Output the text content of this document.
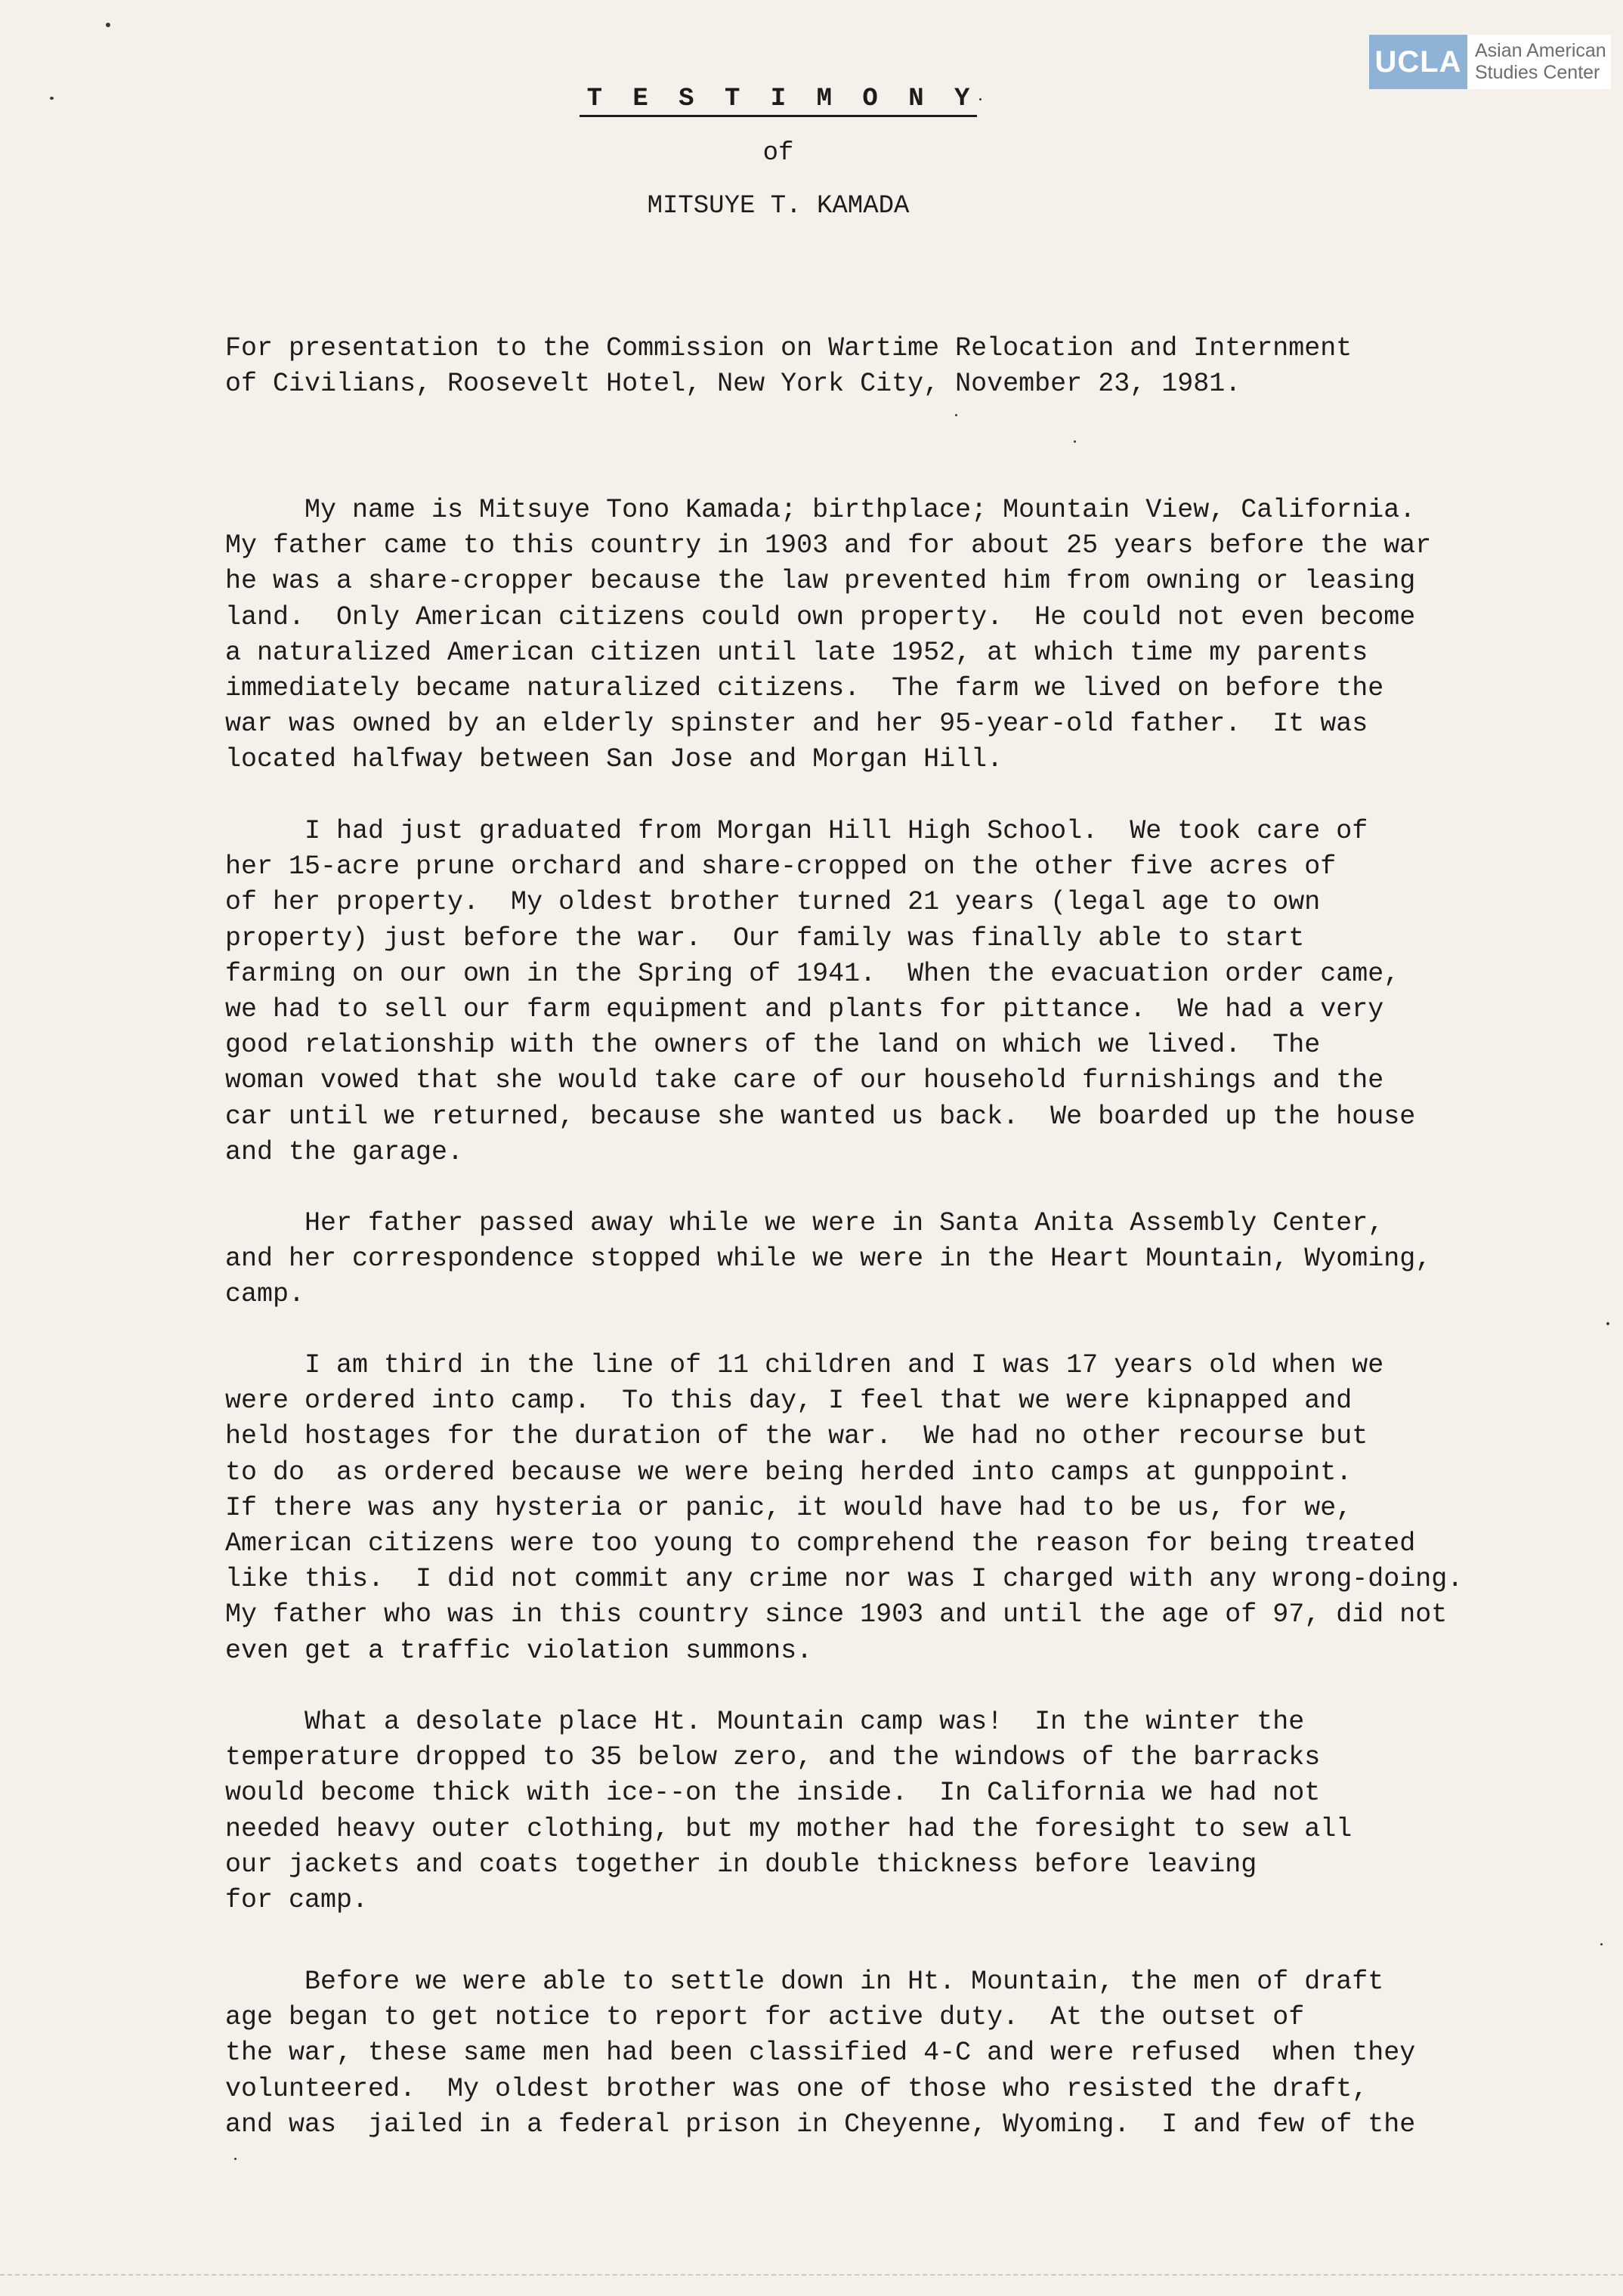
UCLA Asian American
Studies Center
T E S T I M O N Y
of
MITSUYE T. KAMADA

For presentation to the Commission on Wartime Relocation and Internment
of Civilians, Roosevelt Hotel, New York City, November 23, 1981.

My name is Mitsuye Tono Kamada; birthplace; Mountain View, California.
My father came to this country in 1903 and for about 25 years before the war
he was a share-cropper because the law prevented him from owning or leasing
land.  Only American citizens could own property.  He could not even become
a naturalized American citizen until late 1952, at which time my parents
immediately became naturalized citizens.  The farm we lived on before the
war was owned by an elderly spinster and her 95-year-old father.  It was
located halfway between San Jose and Morgan Hill.

I had just graduated from Morgan Hill High School.  We took care of
her 15-acre prune orchard and share-cropped on the other five acres of
of her property.  My oldest brother turned 21 years (legal age to own
property) just before the war.  Our family was finally able to start
farming on our own in the Spring of 1941.  When the evacuation order came,
we had to sell our farm equipment and plants for pittance.  We had a very
good relationship with the owners of the land on which we lived.  The
woman vowed that she would take care of our household furnishings and the
car until we returned, because she wanted us back.  We boarded up the house
and the garage.

Her father passed away while we were in Santa Anita Assembly Center,
and her correspondence stopped while we were in the Heart Mountain, Wyoming,
camp.

I am third in the line of 11 children and I was 17 years old when we
were ordered into camp.  To this day, I feel that we were kipnapped and
held hostages for the duration of the war.  We had no other recourse but
to do  as ordered because we were being herded into camps at gunppoint.
If there was any hysteria or panic, it would have had to be us, for we,
American citizens were too young to comprehend the reason for being treated
like this.  I did not commit any crime nor was I charged with any wrong-doing.
My father who was in this country since 1903 and until the age of 97, did not
even get a traffic violation summons.

What a desolate place Ht. Mountain camp was!  In the winter the
temperature dropped to 35 below zero, and the windows of the barracks
would become thick with ice--on the inside.  In California we had not
needed heavy outer clothing, but my mother had the foresight to sew all
our jackets and coats together in double thickness before leaving
for camp.

Before we were able to settle down in Ht. Mountain, the men of draft
age began to get notice to report for active duty.  At the outset of
the war, these same men had been classified 4-C and were refused  when they
volunteered.  My oldest brother was one of those who resisted the draft,
and was  jailed in a federal prison in Cheyenne, Wyoming.  I and few of the
